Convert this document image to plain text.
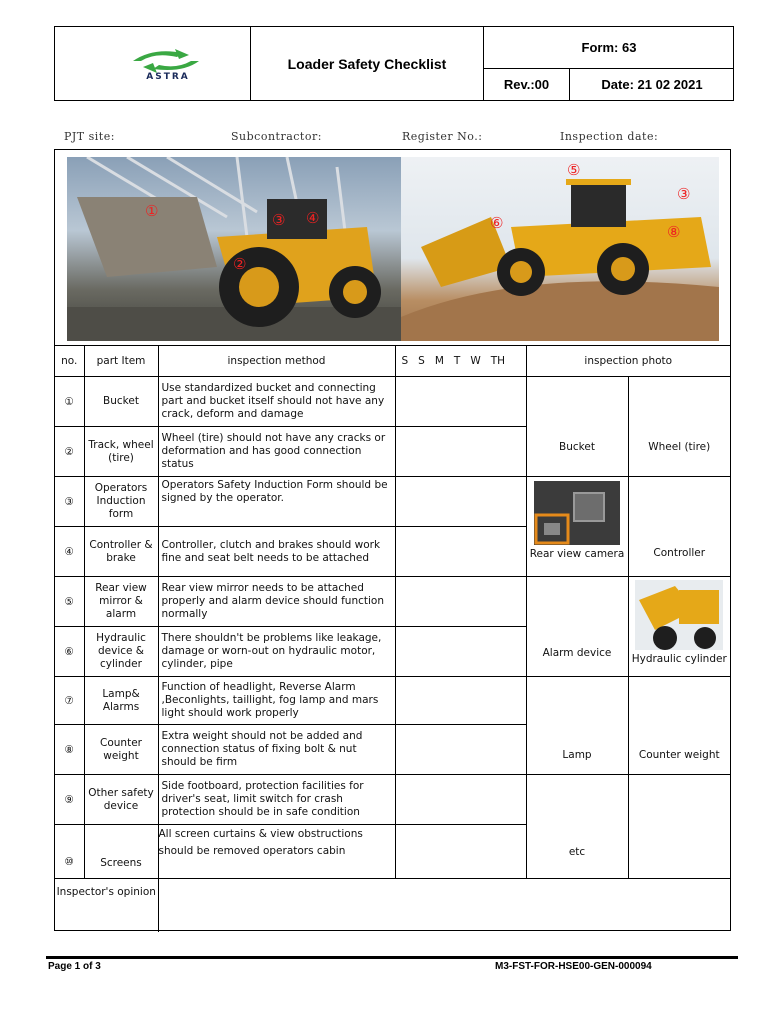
ASTRA
Loader Safety Checklist
Form: 63
Rev.:00	Date: 21 02 2021
PJT site:	Subcontractor:	Register No.:	Inspection date:
①
②
③ ④
⑤
⑥	⑧
③
no.	part Item	inspection method	S   S   M   T   W   TH	inspection photo	
①	Bucket	Use standardized bucket and connecting part and bucket itself should not have any crack, deform and damage		Bucket	Wheel (tire)

②	Track, wheel (tire)	Wheel (tire) should not have any cracks or deformation and has good connection status			
③	Operators Induction form	Operators Safety Induction Form should be signed by the operator.		Rear view camera	Controller

④	Controller & brake	Controller, clutch and brakes should work fine and seat belt needs to be attached			
⑤	Rear view mirror & alarm	Rear view mirror needs to be attached properly and alarm device should function normally		Alarm device	Hydraulic cylinder

⑥	Hydraulic device & cylinder	There shouldn't be problems like leakage, damage or worn-out on hydraulic motor, cylinder, pipe			
⑦	Lamp& Alarms	Function of headlight, Reverse Alarm ,Beconlights, taillight, fog lamp and mars light should work properly		Lamp	Counter weight

⑧	Counter weight	Extra weight should not be added and connection status of fixing bolt & nut should be firm			
⑨	Other safety device	Side footboard, protection facilities for driver's seat, limit switch for crash protection should be in safe condition		etc	

⑩	Screens	All screen curtains & view obstructions should be removed operators cabin			
Inspector's opinion					
Page 1 of 3	M3-FST-FOR-HSE00-GEN-000094
